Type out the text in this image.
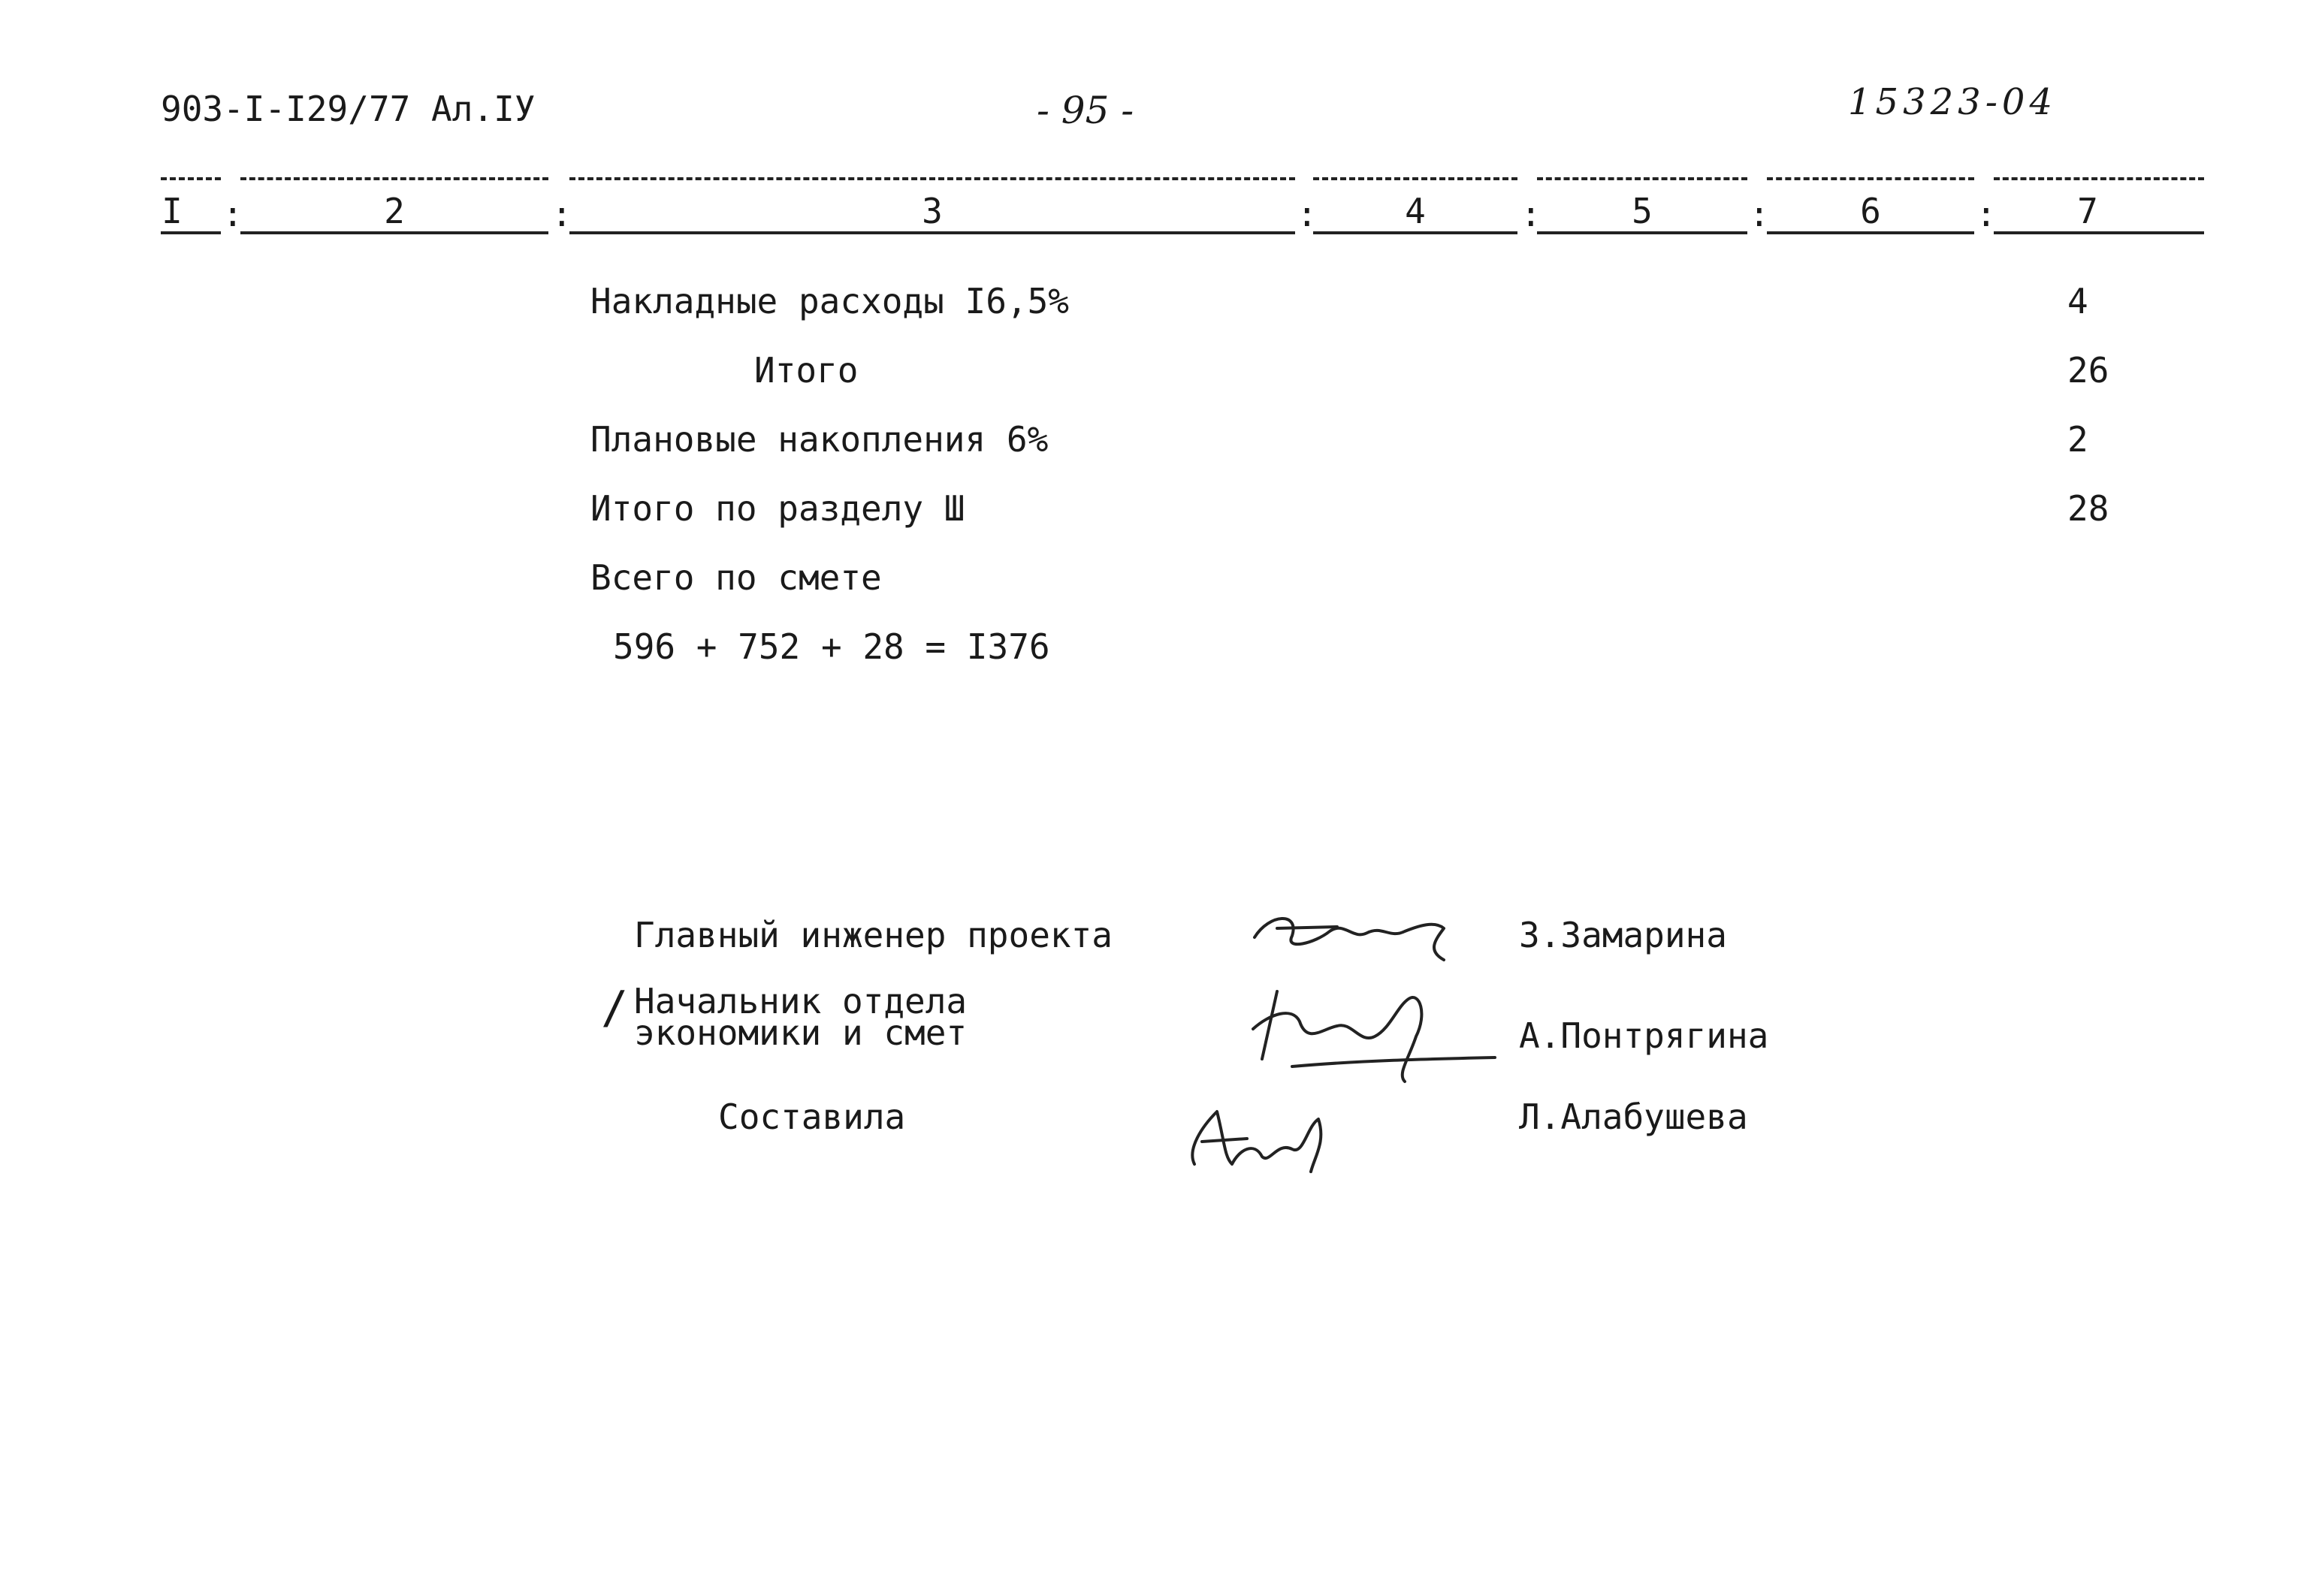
903-I-I29/77 Ал.IУ	- 95 -	15323-04
I	2	3	4	5	6	7
:	:	:	:	:	:
Накладные расходы I6,5%	4
Итого	26
Плановые накопления 6%	2
Итого по разделу Ш	28
Всего по смете
596 + 752 + 28 = I376
Главный инженер проекта	З.Замарина
/ Начальник отдела экономики и смет	А.Понтрягина
Составила	Л.Алабушева
